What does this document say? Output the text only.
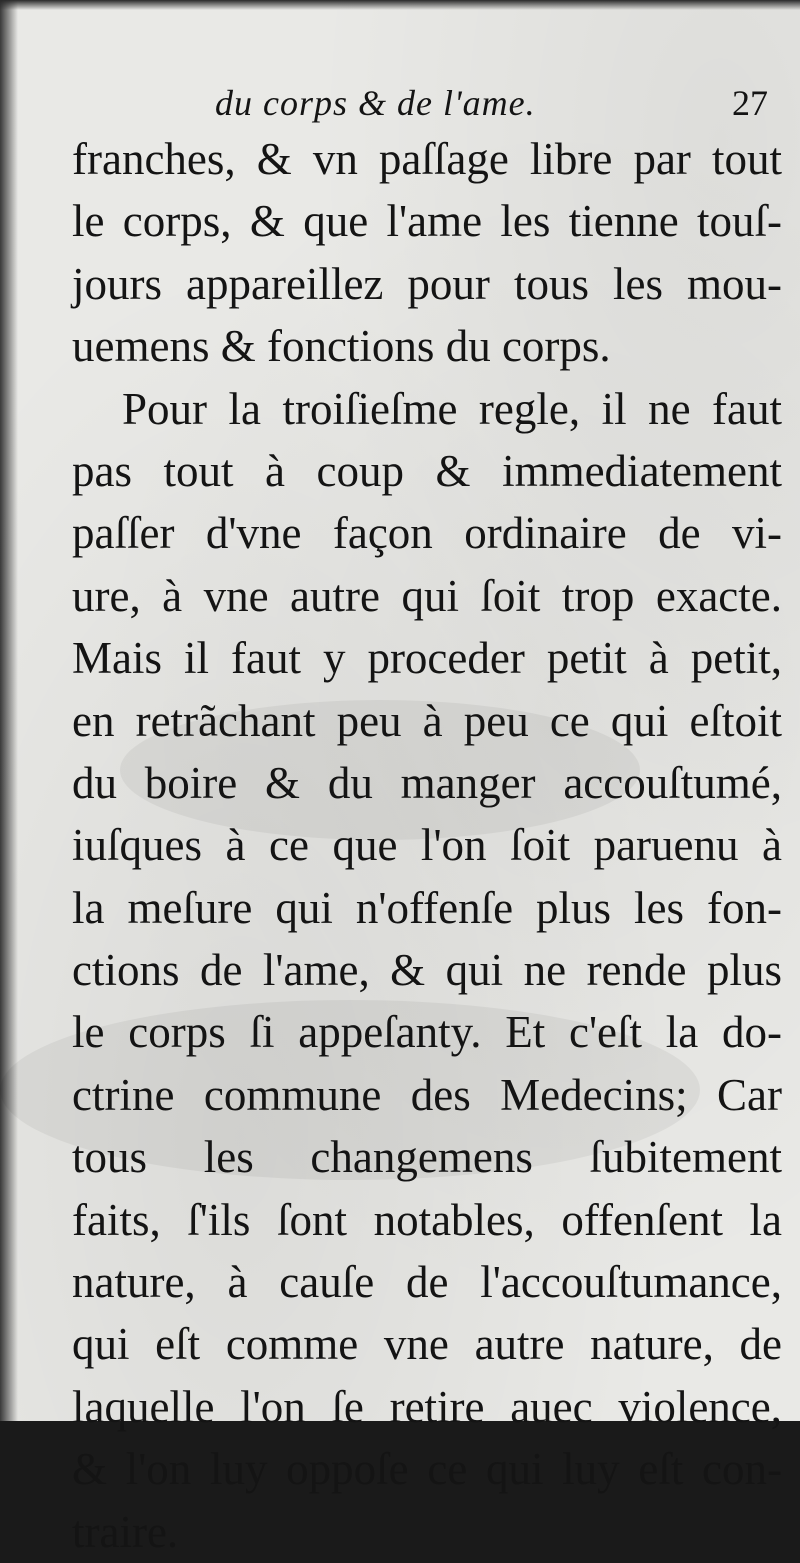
du corps & de l'ame.	27
franches, & vn paſſage libre par tout
le corps, & que l'ame les tienne touſ-
jours appareillez pour tous les mou-
uemens & fonctions du corps.
Pour la troiſieſme regle, il ne faut
pas tout à coup & immediatement
paſſer d'vne façon ordinaire de vi-
ure, à vne autre qui ſoit trop exacte.
Mais il faut y proceder petit à petit,
en retrãchant peu à peu ce qui eſtoit
du boire & du manger accouſtumé,
iuſques à ce que l'on ſoit paruenu à
la meſure qui n'offenſe plus les fon-
ctions de l'ame, & qui ne rende plus
le corps ſi appeſanty. Et c'eſt la do-
ctrine commune des Medecins; Car
tous les changemens ſubitement
faits, ſ'ils ſont notables, offenſent la
nature, à cauſe de l'accouſtumance,
qui eſt comme vne autre nature, de
laquelle l'on ſe retire auec violence,
& l'on luy oppoſe ce qui luy eſt con-
traire.
